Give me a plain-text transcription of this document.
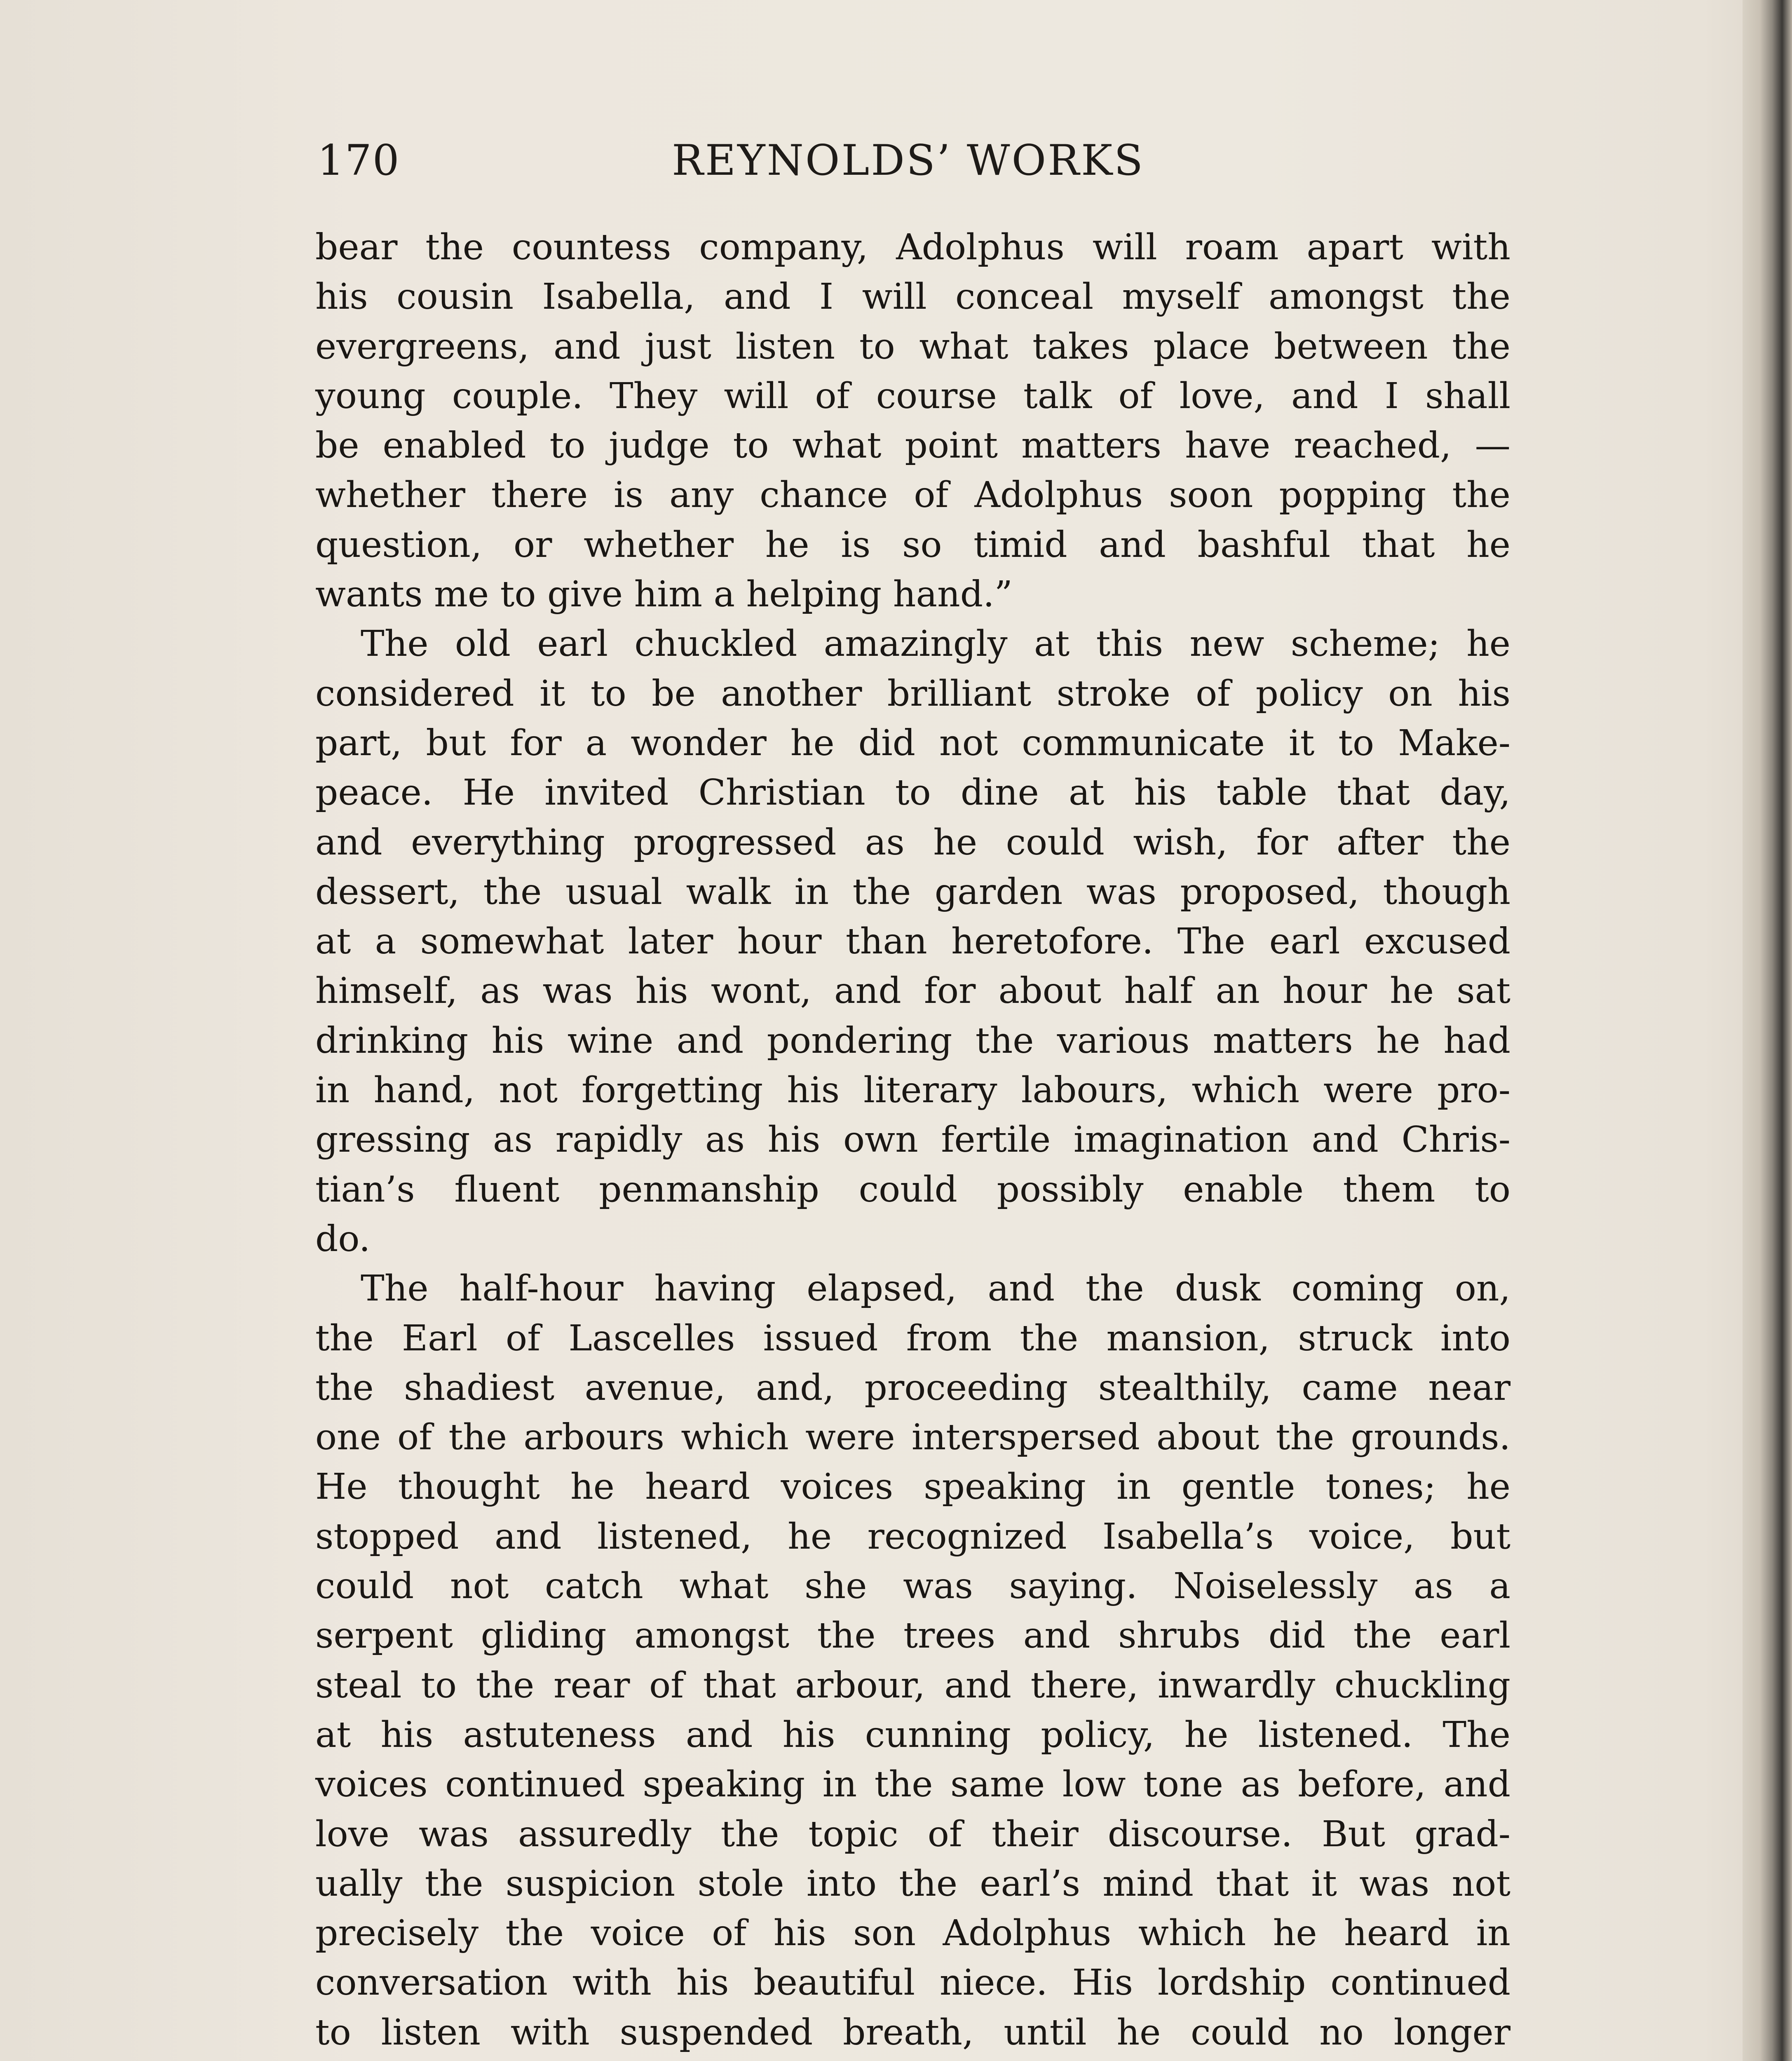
170	REYNOLDS’ WORKS
bear the countess company, Adolphus will roam apart with
his cousin Isabella, and I will conceal myself amongst the
evergreens, and just listen to what takes place between the
young couple. They will of course talk of love, and I shall
be enabled to judge to what point matters have reached, —
whether there is any chance of Adolphus soon popping the
question, or whether he is so timid and bashful that he
wants me to give him a helping hand.”
The old earl chuckled amazingly at this new scheme; he
considered it to be another brilliant stroke of policy on his
part, but for a wonder he did not communicate it to Make-
peace. He invited Christian to dine at his table that day,
and everything progressed as he could wish, for after the
dessert, the usual walk in the garden was proposed, though
at a somewhat later hour than heretofore. The earl excused
himself, as was his wont, and for about half an hour he sat
drinking his wine and pondering the various matters he had
in hand, not forgetting his literary labours, which were pro-
gressing as rapidly as his own fertile imagination and Chris-
tian’s fluent penmanship could possibly enable them to
do.
The half-hour having elapsed, and the dusk coming on,
the Earl of Lascelles issued from the mansion, struck into
the shadiest avenue, and, proceeding stealthily, came near
one of the arbours which were interspersed about the grounds.
He thought he heard voices speaking in gentle tones; he
stopped and listened, he recognized Isabella’s voice, but
could not catch what she was saying. Noiselessly as a
serpent gliding amongst the trees and shrubs did the earl
steal to the rear of that arbour, and there, inwardly chuckling
at his astuteness and his cunning policy, he listened. The
voices continued speaking in the same low tone as before, and
love was assuredly the topic of their discourse. But grad-
ually the suspicion stole into the earl’s mind that it was not
precisely the voice of his son Adolphus which he heard in
conversation with his beautiful niece. His lordship continued
to listen with suspended breath, until he could no longer
